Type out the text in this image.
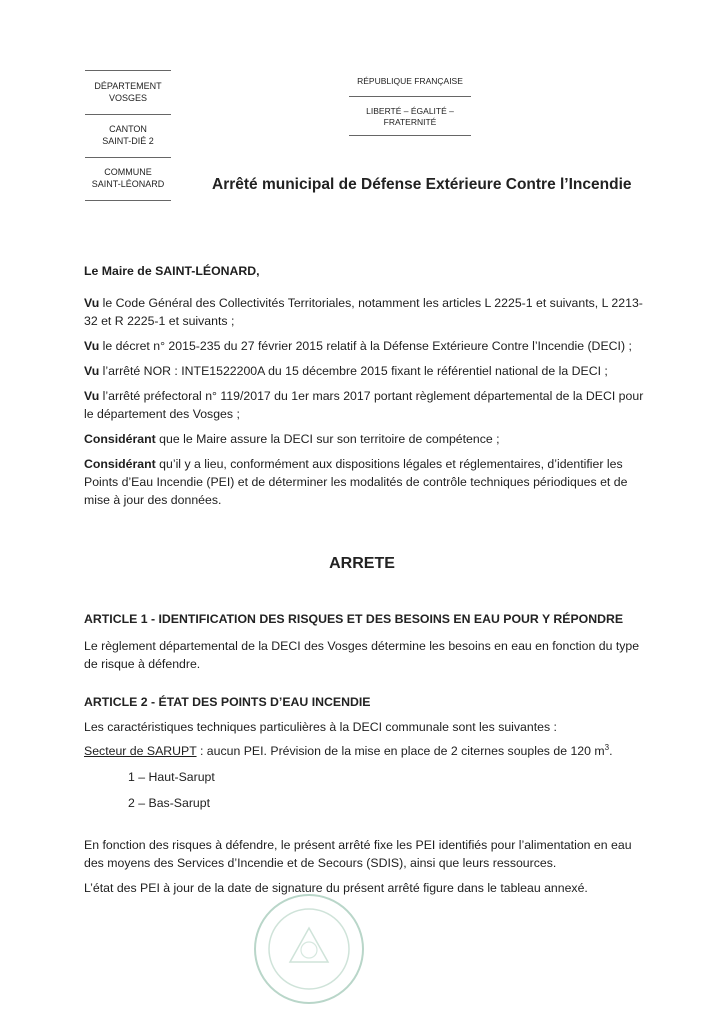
DÉPARTEMENT
VOSGES
CANTON
SAINT-DIÉ 2
COMMUNE
SAINT-LÉONARD
RÉPUBLIQUE FRANÇAISE
LIBERTÉ – ÉGALITÉ – FRATERNITÉ
Arrêté municipal de Défense Extérieure Contre l’Incendie
Le Maire de SAINT-LÉONARD,
Vu le Code Général des Collectivités Territoriales, notamment les articles L 2225-1 et suivants, L 2213-32 et R 2225-1 et suivants ;
Vu le décret n° 2015-235 du 27 février 2015 relatif à la Défense Extérieure Contre l’Incendie (DECI) ;
Vu l’arrêté NOR : INTE1522200A du 15 décembre 2015 fixant le référentiel national de la DECI ;
Vu l’arrêté préfectoral n° 119/2017 du 1er mars 2017 portant règlement départemental de la DECI pour le département des Vosges ;
Considérant que le Maire assure la DECI sur son territoire de compétence ;
Considérant qu’il y a lieu, conformément aux dispositions légales et réglementaires, d’identifier les Points d’Eau Incendie (PEI) et de déterminer les modalités de contrôle techniques périodiques et de mise à jour des données.
ARRETE
ARTICLE 1 - IDENTIFICATION DES RISQUES ET DES BESOINS EN EAU POUR Y RÉPONDRE
Le règlement départemental de la DECI des Vosges détermine les besoins en eau en fonction du type de risque à défendre.
ARTICLE 2 - ÉTAT DES POINTS D’EAU INCENDIE
Les caractéristiques techniques particulières à la DECI communale sont les suivantes :
Secteur de SARUPT : aucun PEI. Prévision de la mise en place de 2 citernes souples de 120 $m^3$.
1 – Haut-Sarupt
2 – Bas-Sarupt
En fonction des risques à défendre, le présent arrêté fixe les PEI identifiés pour l’alimentation en eau des moyens des Services d’Incendie et de Secours (SDIS), ainsi que leurs ressources.
L’état des PEI à jour de la date de signature du présent arrêté figure dans le tableau annexé.
